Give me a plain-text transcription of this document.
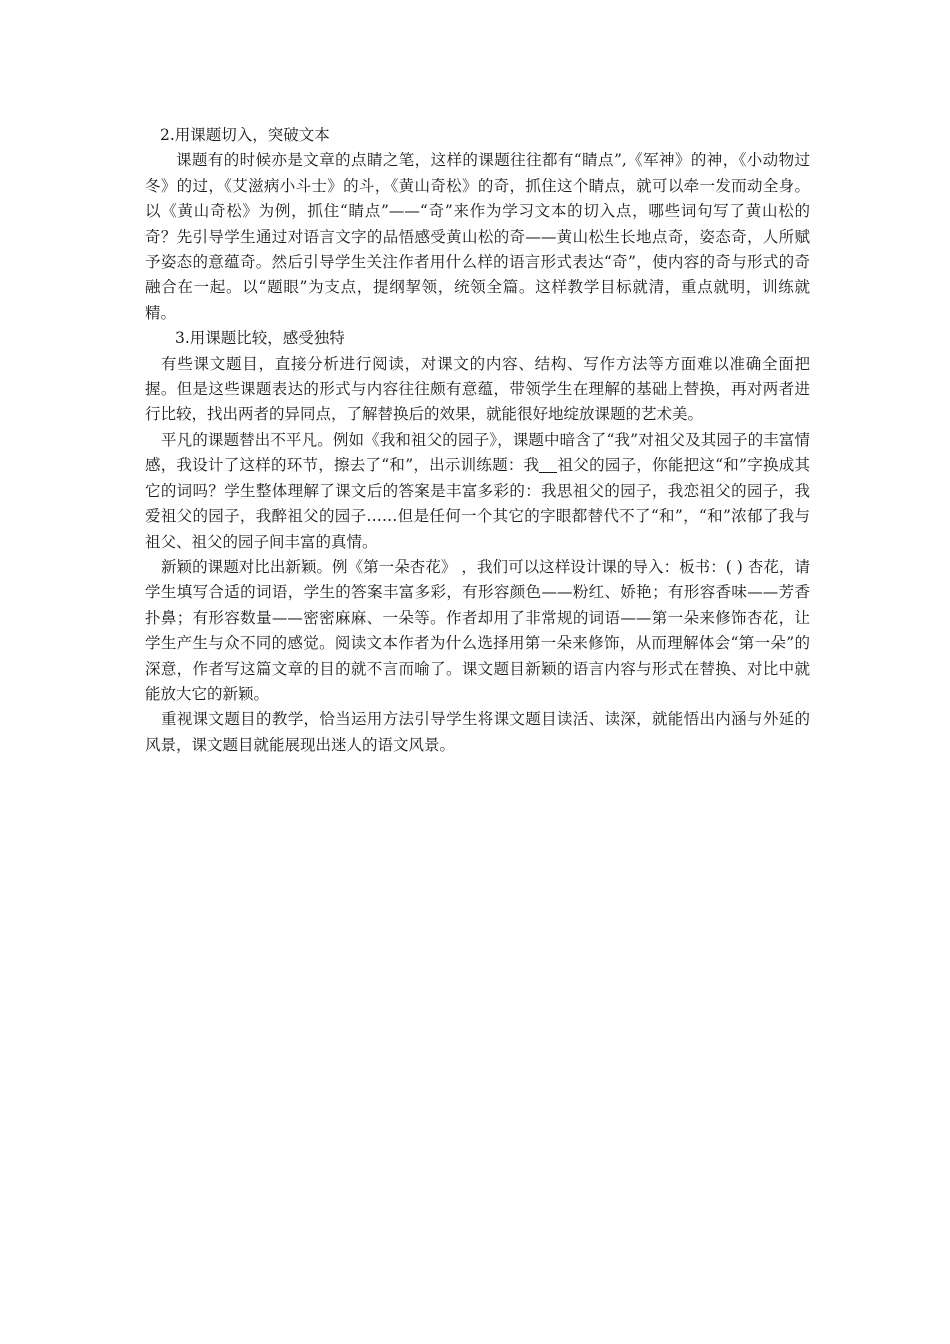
2.用课题切入，突破文本

课题有的时候亦是文章的点睛之笔，这样的课题往往都有“睛点”,《军神》的神，《小动物过冬》的过，《艾滋病小斗士》的斗，《黄山奇松》的奇，抓住这个睛点，就可以牵一发而动全身。以《黄山奇松》为例，抓住“睛点”——“奇”来作为学习文本的切入点，哪些词句写了黄山松的奇？先引导学生通过对语言文字的品悟感受黄山松的奇——黄山松生长地点奇，姿态奇，人所赋予姿态的意蕴奇。然后引导学生关注作者用什么样的语言形式表达“奇”，使内容的奇与形式的奇融合在一起。以“题眼”为支点，提纲挈领，统领全篇。这样教学目标就清，重点就明，训练就精。

3.用课题比较，感受独特

有些课文题目，直接分析进行阅读，对课文的内容、结构、写作方法等方面难以准确全面把握。但是这些课题表达的形式与内容往往颇有意蕴，带领学生在理解的基础上替换，再对两者进行比较，找出两者的异同点，了解替换后的效果，就能很好地绽放课题的艺术美。

平凡的课题替出不平凡。例如《我和祖父的园子》，课题中暗含了“我”对祖父及其园子的丰富情感，我设计了这样的环节，擦去了“和”，出示训练题：我 祖父的园子，你能把这“和”字换成其它的词吗？学生整体理解了课文后的答案是丰富多彩的：我思祖父的园子，我恋祖父的园子，我爱祖父的园子，我醉祖父的园子……但是任何一个其它的字眼都替代不了“和”，“和”浓郁了我与祖父、祖父的园子间丰富的真情。

新颖的课题对比出新颖。例《第一朵杏花》 ，我们可以这样设计课的导入：板书：( ) 杏花，请学生填写合适的词语，学生的答案丰富多彩，有形容颜色——粉红、娇艳；有形容香味——芳香扑鼻；有形容数量——密密麻麻、一朵等。作者却用了非常规的词语——第一朵来修饰杏花，让学生产生与众不同的感觉。阅读文本作者为什么选择用第一朵来修饰，从而理解体会“第一朵”的深意，作者写这篇文章的目的就不言而喻了。课文题目新颖的语言内容与形式在替换、对比中就能放大它的新颖。

重视课文题目的教学，恰当运用方法引导学生将课文题目读活、读深，就能悟出内涵与外延的风景，课文题目就能展现出迷人的语文风景。
